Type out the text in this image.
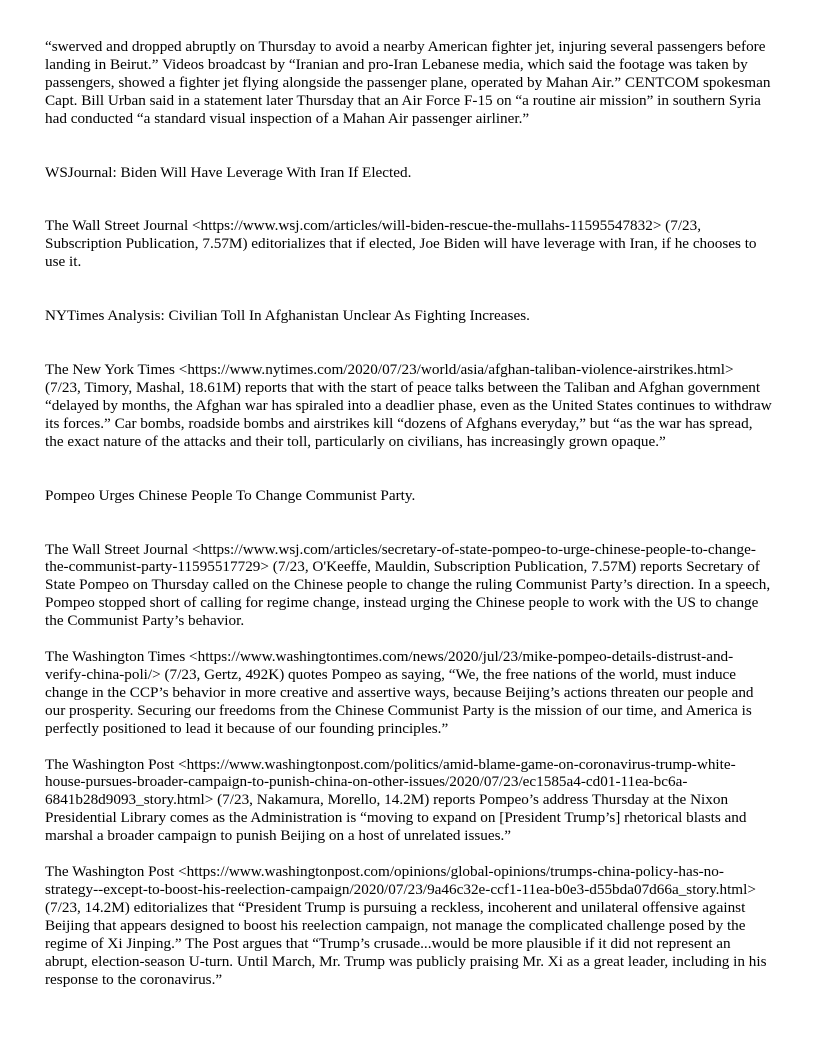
“swerved and dropped abruptly on Thursday to avoid a nearby American fighter jet, injuring several passengers before landing in Beirut.” Videos broadcast by “Iranian and pro-Iran Lebanese media, which said the footage was taken by passengers, showed a fighter jet flying alongside the passenger plane, operated by Mahan Air.” CENTCOM spokesman Capt. Bill Urban said in a statement later Thursday that an Air Force F-15 on “a routine air mission” in southern Syria had conducted “a standard visual inspection of a Mahan Air passenger airliner.”

WSJournal: Biden Will Have Leverage With Iran If Elected.

The Wall Street Journal <https://www.wsj.com/articles/will-biden-rescue-the-mullahs-11595547832> (7/23, Subscription Publication, 7.57M) editorializes that if elected, Joe Biden will have leverage with Iran, if he chooses to use it.

NYTimes Analysis: Civilian Toll In Afghanistan Unclear As Fighting Increases.

The New York Times <https://www.nytimes.com/2020/07/23/world/asia/afghan-taliban-violence-airstrikes.html> (7/23, Timory, Mashal, 18.61M) reports that with the start of peace talks between the Taliban and Afghan government “delayed by months, the Afghan war has spiraled into a deadlier phase, even as the United States continues to withdraw its forces.” Car bombs, roadside bombs and airstrikes kill “dozens of Afghans everyday,” but “as the war has spread, the exact nature of the attacks and their toll, particularly on civilians, has increasingly grown opaque.”

Pompeo Urges Chinese People To Change Communist Party.

The Wall Street Journal <https://www.wsj.com/articles/secretary-of-state-pompeo-to-urge-chinese-people-to-change-the-communist-party-11595517729> (7/23, O'Keeffe, Mauldin, Subscription Publication, 7.57M) reports Secretary of State Pompeo on Thursday called on the Chinese people to change the ruling Communist Party’s direction. In a speech, Pompeo stopped short of calling for regime change, instead urging the Chinese people to work with the US to change the Communist Party’s behavior.

The Washington Times <https://www.washingtontimes.com/news/2020/jul/23/mike-pompeo-details-distrust-and-verify-china-poli/> (7/23, Gertz, 492K) quotes Pompeo as saying, “We, the free nations of the world, must induce change in the CCP’s behavior in more creative and assertive ways, because Beijing’s actions threaten our people and our prosperity. Securing our freedoms from the Chinese Communist Party is the mission of our time, and America is perfectly positioned to lead it because of our founding principles.”

The Washington Post <https://www.washingtonpost.com/politics/amid-blame-game-on-coronavirus-trump-white-house-pursues-broader-campaign-to-punish-china-on-other-issues/2020/07/23/ec1585a4-cd01-11ea-bc6a-6841b28d9093_story.html> (7/23, Nakamura, Morello, 14.2M) reports Pompeo’s address Thursday at the Nixon Presidential Library comes as the Administration is “moving to expand on [President Trump’s] rhetorical blasts and marshal a broader campaign to punish Beijing on a host of unrelated issues.”

The Washington Post <https://www.washingtonpost.com/opinions/global-opinions/trumps-china-policy-has-no-strategy--except-to-boost-his-reelection-campaign/2020/07/23/9a46c32e-ccf1-11ea-b0e3-d55bda07d66a_story.html> (7/23, 14.2M) editorializes that “President Trump is pursuing a reckless, incoherent and unilateral offensive against Beijing that appears designed to boost his reelection campaign, not manage the complicated challenge posed by the regime of Xi Jinping.” The Post argues that “Trump’s crusade...would be more plausible if it did not represent an abrupt, election-season U-turn. Until March, Mr. Trump was publicly praising Mr. Xi as a great leader, including in his response to the coronavirus.”
